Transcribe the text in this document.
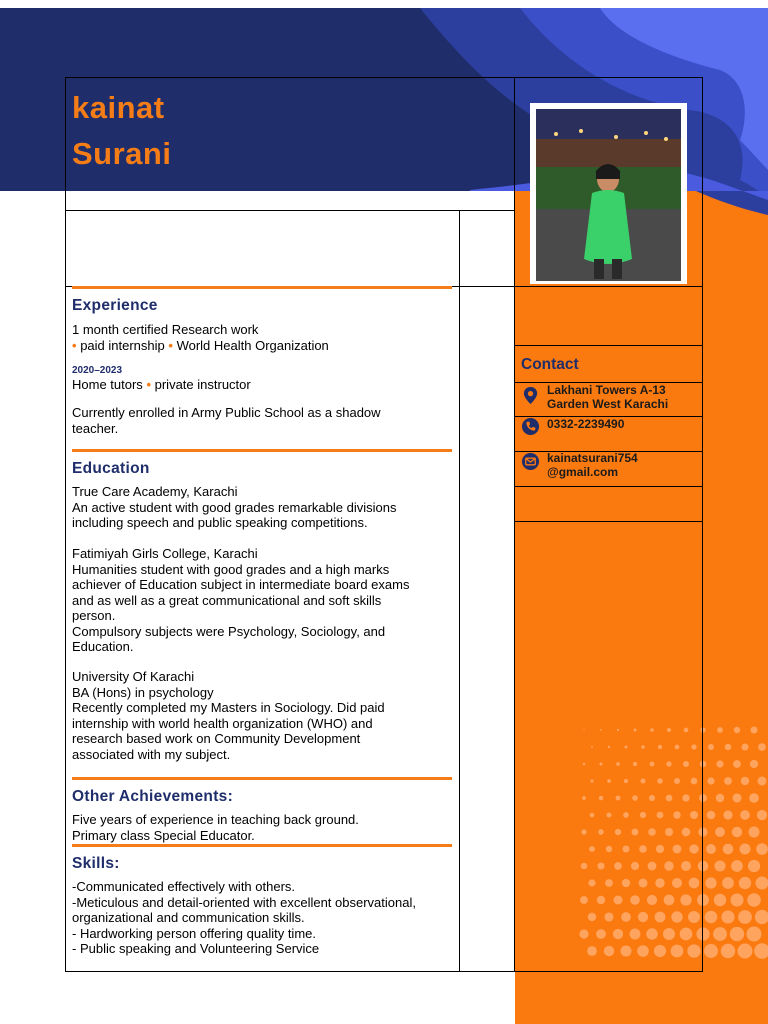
kainat
Surani
Experience
1 month certified Research work
• paid internship • World Health Organization
2020–2023
Home tutors • private instructor
Currently enrolled in Army Public School as a shadow
teacher.
Education
True Care Academy, Karachi
An active student with good grades remarkable divisions
including speech and public speaking competitions.
Fatimiyah Girls College, Karachi
Humanities student with good grades and a high marks
achiever of Education subject in intermediate board exams
and as well as a great communicational and soft skills
person.
Compulsory subjects were Psychology, Sociology, and
Education.
University Of Karachi
BA (Hons) in psychology
Recently completed my Masters in Sociology. Did paid
internship with world health organization (WHO) and
research based work on Community Development
associated with my subject.
Other Achievements:
Five years of experience in teaching back ground.
Primary class Special Educator.
Skills:
-Communicated effectively with others.
-Meticulous and detail-oriented with excellent observational,
organizational and communication skills.
- Hardworking person offering quality time.
- Public speaking and Volunteering Service
Contact
Lakhani Towers A-13
Garden West Karachi
0332-2239490
kainatsurani754
@gmail.com
